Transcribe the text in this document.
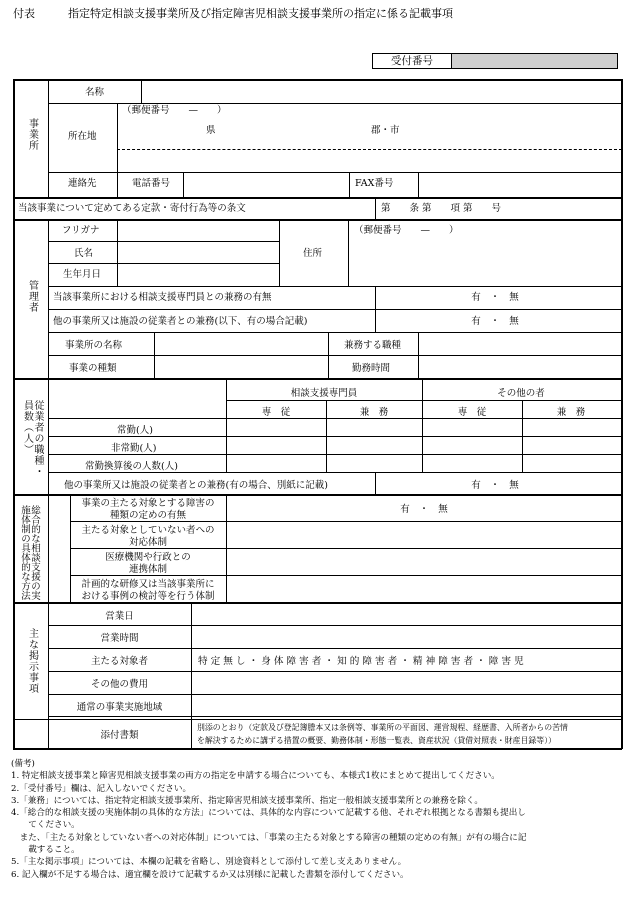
付表　　　指定特定相談支援事業所及び指定障害児相談支援事業所の指定に係る記載事項
受付番号
事業所
名称
所在地
（郵便番号　　—　　）
県	郡・市
連絡先	電話番号	FAX番号
当該事業について定めてある定款・寄付行為等の条文	第　　条 第　　項 第　　号
管理者
フリガナ
氏名
生年月日
住所
（郵便番号　　—　　）
当該事業所における相談支援専門員との兼務の有無	有　・　無
他の事業所又は施設の従業者との兼務(以下、有の場合記載)	有　・　無
事業所の名称	兼務する職種
事業の種類	勤務時間
従業者の職種・員数（人）
相談支援専門員	その他の者
専　従	兼　務	専　従	兼　務
常勤(人)
非常勤(人)
常勤換算後の人数(人)
他の事業所又は施設の従業者との兼務(有の場合、別紙に記載)	有　・　無
総合的な相談支援の実施体制の具体的な方法
事業の主たる対象とする障害の
種類の定めの有無
有　・　無
主たる対象としていない者への
対応体制
医療機関や行政との
連携体制
計画的な研修又は当該事業所に
おける事例の検討等を行う体制
主な掲示事項
営業日
営業時間
主たる対象者	特 定 無 し ・ 身 体 障 害 者 ・ 知 的 障 害 者 ・ 精 神 障 害 者 ・ 障 害 児
その他の費用
通常の事業実施地域
添付書類
別添のとおり（定款及び登記簿謄本又は条例等、事業所の平面図、運営規程、経歴書、入所者からの苦情
を解決するために講ずる措置の概要、勤務体制・形態一覧表、資産状況（貸借対照表・財産目録等））
(備考)
1. 特定相談支援事業と障害児相談支援事業の両方の指定を申請する場合についても、本様式1枚にまとめて提出してください。
2.「受付番号」欄は、記入しないでください。
3.「兼務」については、指定特定相談支援事業所、指定障害児相談支援事業所、指定一般相談支援事業所との兼務を除く。
4.「総合的な相談支援の実施体制の具体的な方法」については、具体的な内容について記載する他、それぞれ根拠となる書類も提出し
　　てください。
　また、「主たる対象としていない者への対応体制」については、「事業の主たる対象とする障害の種類の定めの有無」が有の場合に記
　　載すること。
5.「主な掲示事項」については、本欄の記載を省略し、別途資料として添付して差し支えありません。
6. 記入欄が不足する場合は、適宜欄を設けて記載するか又は別様に記載した書類を添付してください。
